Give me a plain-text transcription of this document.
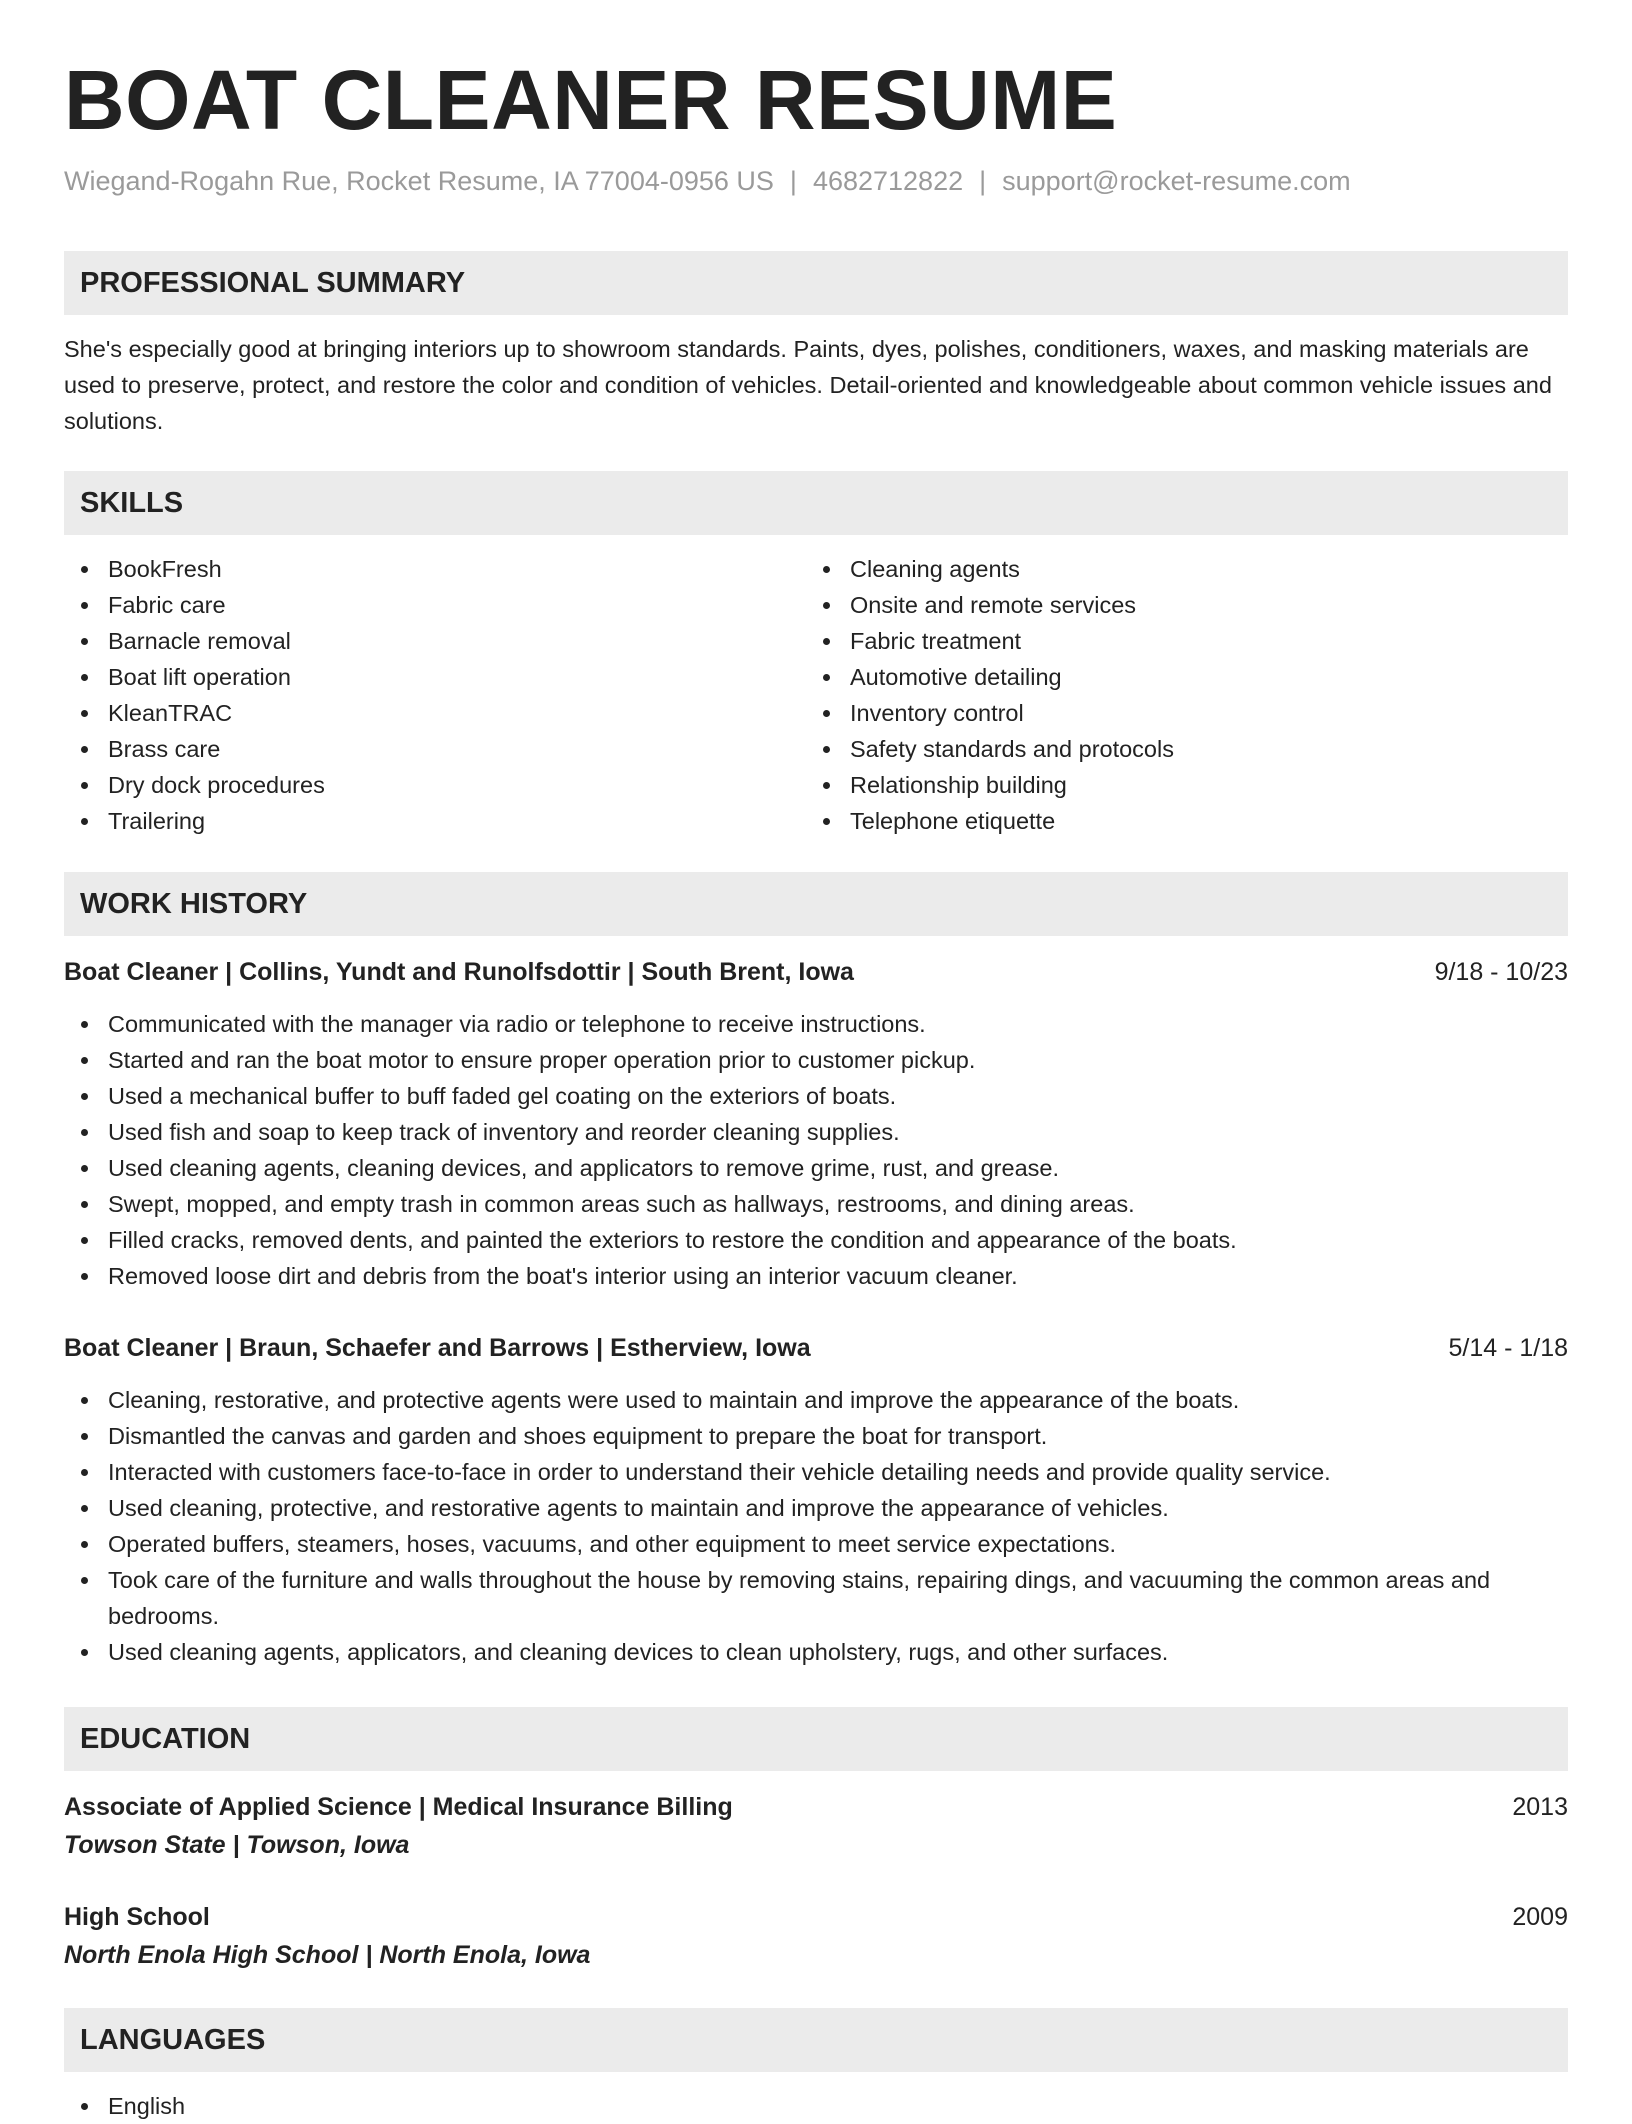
BOAT CLEANER RESUME
Wiegand-Rogahn Rue, Rocket Resume, IA 77004-0956 US | 4682712822 | support@rocket-resume.com
PROFESSIONAL SUMMARY

She's especially good at bringing interiors up to showroom standards. Paints, dyes, polishes, conditioners, waxes, and masking materials are used to preserve, protect, and restore the color and condition of vehicles. Detail-oriented and knowledgeable about common vehicle issues and solutions.

SKILLS
BookFresh
Fabric care
Barnacle removal
Boat lift operation
KleanTRAC
Brass care
Dry dock procedures
Trailering
Cleaning agents
Onsite and remote services
Fabric treatment
Automotive detailing
Inventory control
Safety standards and protocols
Relationship building
Telephone etiquette
WORK HISTORY
Boat Cleaner | Collins, Yundt and Runolfsdottir | South Brent, Iowa	9/18 - 10/23
Communicated with the manager via radio or telephone to receive instructions.
Started and ran the boat motor to ensure proper operation prior to customer pickup.
Used a mechanical buffer to buff faded gel coating on the exteriors of boats.
Used fish and soap to keep track of inventory and reorder cleaning supplies.
Used cleaning agents, cleaning devices, and applicators to remove grime, rust, and grease.
Swept, mopped, and empty trash in common areas such as hallways, restrooms, and dining areas.
Filled cracks, removed dents, and painted the exteriors to restore the condition and appearance of the boats.
Removed loose dirt and debris from the boat's interior using an interior vacuum cleaner.
Boat Cleaner | Braun, Schaefer and Barrows | Estherview, Iowa	5/14 - 1/18
Cleaning, restorative, and protective agents were used to maintain and improve the appearance of the boats.
Dismantled the canvas and garden and shoes equipment to prepare the boat for transport.
Interacted with customers face-to-face in order to understand their vehicle detailing needs and provide quality service.
Used cleaning, protective, and restorative agents to maintain and improve the appearance of vehicles.
Operated buffers, steamers, hoses, vacuums, and other equipment to meet service expectations.
Took care of the furniture and walls throughout the house by removing stains, repairing dings, and vacuuming the common areas and bedrooms.
Used cleaning agents, applicators, and cleaning devices to clean upholstery, rugs, and other surfaces.
EDUCATION
Associate of Applied Science | Medical Insurance Billing	2013
Towson State | Towson, Iowa
High School	2009
North Enola High School | North Enola, Iowa
LANGUAGES
English
